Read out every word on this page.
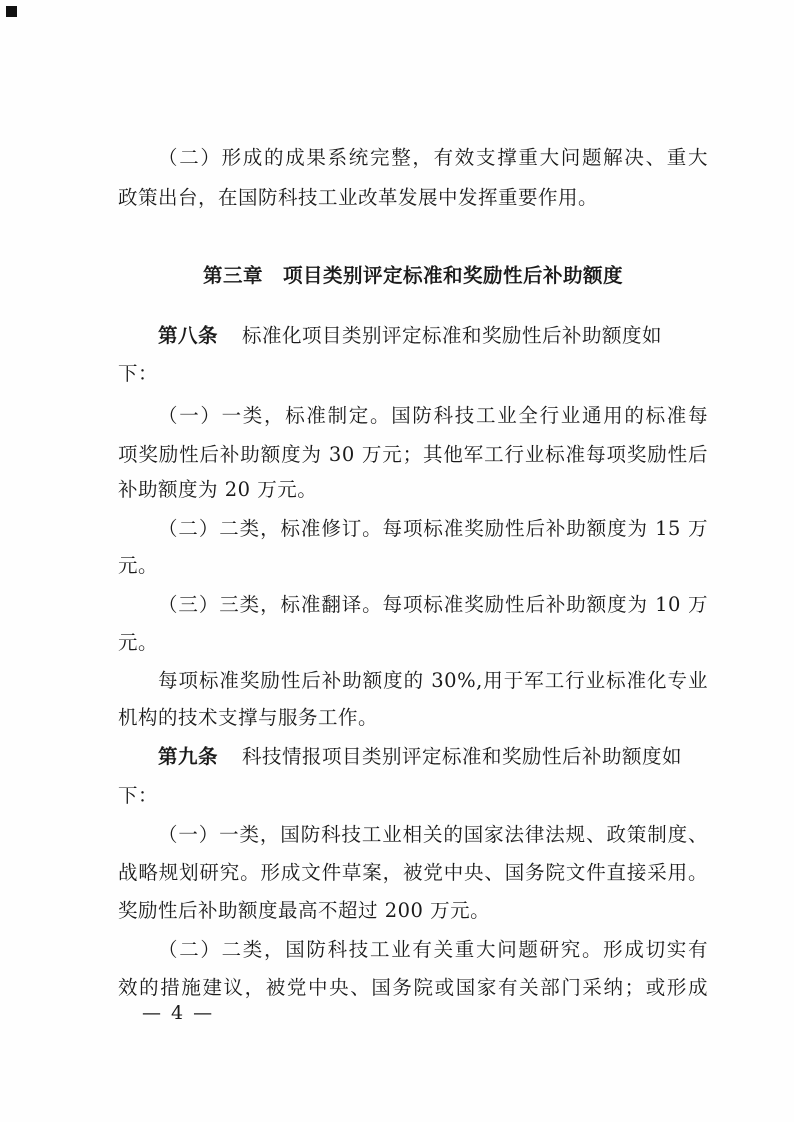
（二）形成的成果系统完整，有效支撑重大问题解决、重大
政策出台，在国防科技工业改革发展中发挥重要作用。
第三章　项目类别评定标准和奖励性后补助额度
第八条 标准化项目类别评定标准和奖励性后补助额度如
下：
（一）一类，标准制定。国防科技工业全行业通用的标准每
项奖励性后补助额度为 30 万元；其他军工行业标准每项奖励性后
补助额度为 20 万元。
（二）二类，标准修订。每项标准奖励性后补助额度为 15 万
元。
（三）三类，标准翻译。每项标准奖励性后补助额度为 10 万
元。
每项标准奖励性后补助额度的 30%,用于军工行业标准化专业
机构的技术支撑与服务工作。
第九条 科技情报项目类别评定标准和奖励性后补助额度如
下：
（一）一类，国防科技工业相关的国家法律法规、政策制度、
战略规划研究。形成文件草案，被党中央、国务院文件直接采用。
奖励性后补助额度最高不超过 200 万元。
（二）二类，国防科技工业有关重大问题研究。形成切实有
效的措施建议，被党中央、国务院或国家有关部门采纳；或形成
— 4 —
